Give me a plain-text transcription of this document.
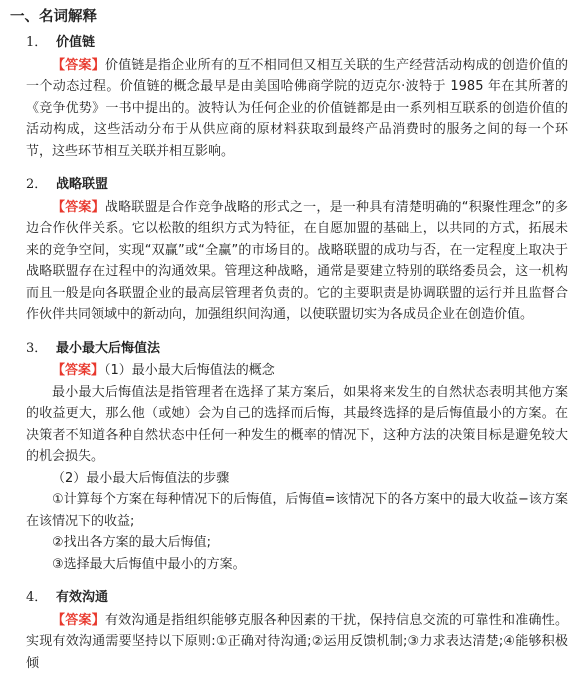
一、名词解释
1． 价值链

【答案】价值链是指企业所有的互不相同但又相互关联的生产经营活动构成的创造价值的一个动态过程。价值链的概念最早是由美国哈佛商学院的迈克尔·波特于 1985 年在其所著的《竞争优势》一书中提出的。波特认为任何企业的价值链都是由一系列相互联系的创造价值的活动构成，这些活动分布于从供应商的原材料获取到最终产品消费时的服务之间的每一个环节，这些环节相互关联并相互影响。

2． 战略联盟

【答案】战略联盟是合作竞争战略的形式之一，是一种具有清楚明确的“积聚性理念”的多边合作伙伴关系。它以松散的组织方式为特征，在自愿加盟的基础上，以共同的方式，拓展未来的竞争空间，实现“双赢”或“全赢”的市场目的。战略联盟的成功与否，在一定程度上取决于战略联盟存在过程中的沟通效果。管理这种战略，通常是要建立特别的联络委员会，这一机构而且一般是向各联盟企业的最高层管理者负责的。它的主要职责是协调联盟的运行并且监督合作伙伴共同领域中的新动向，加强组织间沟通，以使联盟切实为各成员企业在创造价值。

3． 最小最大后悔值法

【答案】（1）最小最大后悔值法的概念

最小最大后悔值法是指管理者在选择了某方案后，如果将来发生的自然状态表明其他方案的收益更大，那么他（或她）会为自己的选择而后悔，其最终选择的是后悔值最小的方案。在决策者不知道各种自然状态中任何一种发生的概率的情况下，这种方法的决策目标是避免较大的机会损失。

（2）最小最大后悔值法的步骤

①计算每个方案在每种情况下的后悔值，后悔值=该情况下的各方案中的最大收益−该方案在该情况下的收益;

②找出各方案的最大后悔值;

③选择最大后悔值中最小的方案。

4． 有效沟通

【答案】有效沟通是指组织能够克服各种因素的干扰，保持信息交流的可靠性和准确性。实现有效沟通需要坚持以下原则:①正确对待沟通;②运用反馈机制;③力求表达清楚;④能够积极倾
